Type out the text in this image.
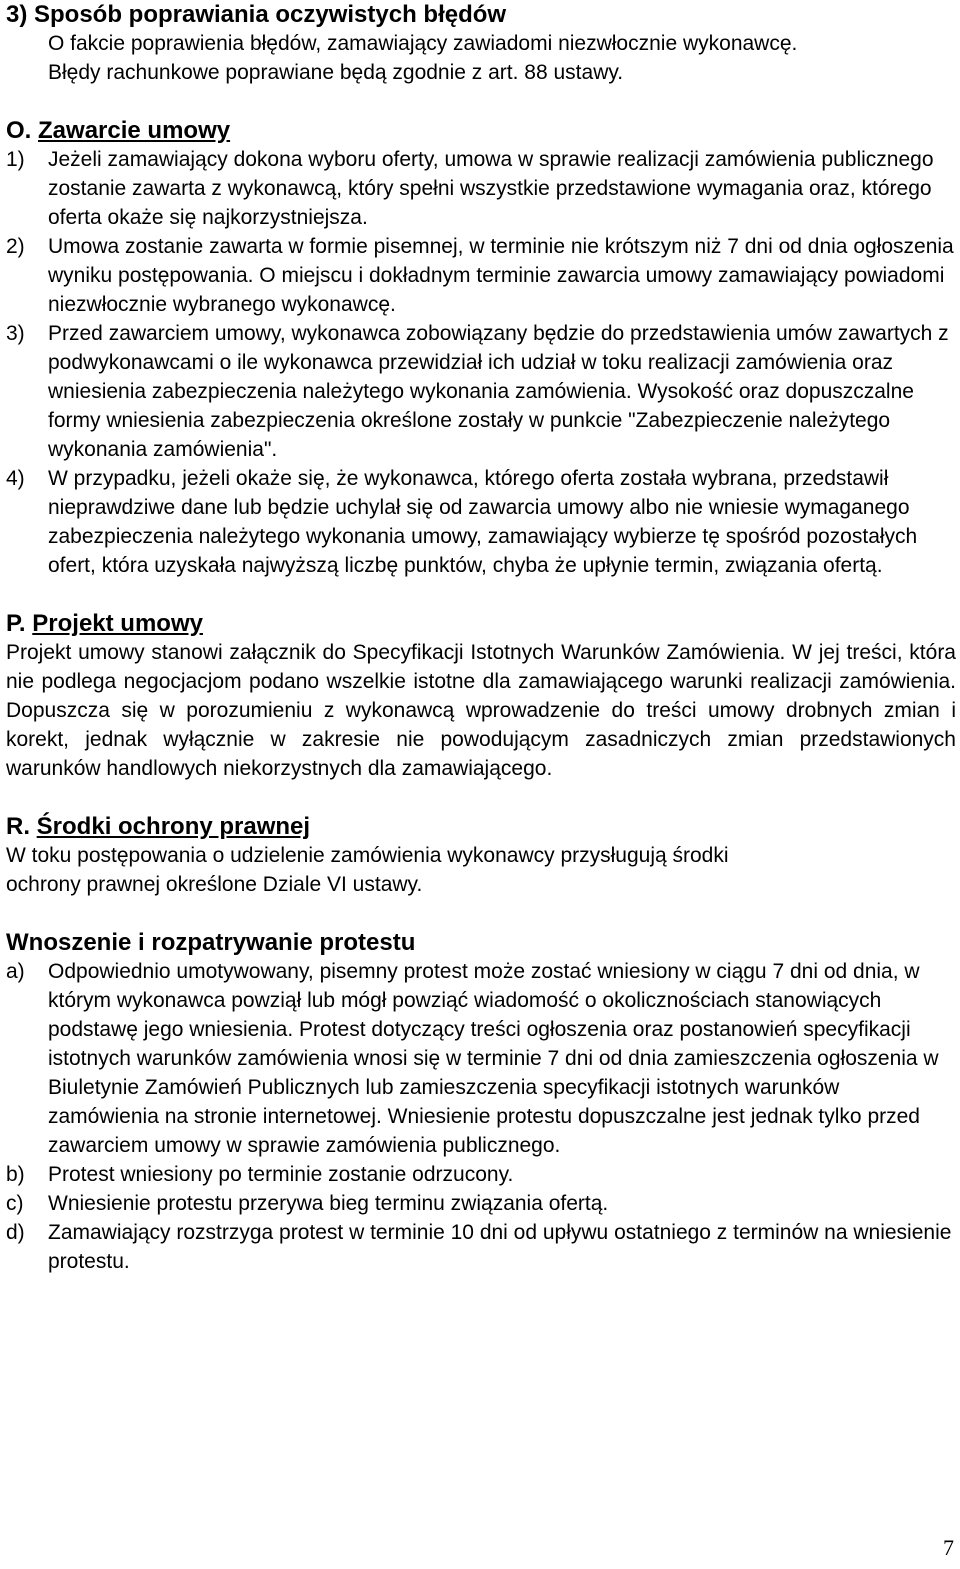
3) Sposób poprawiania oczywistych błędów

O fakcie poprawienia błędów, zamawiający zawiadomi niezwłocznie wykonawcę.

Błędy rachunkowe poprawiane będą zgodnie z art. 88 ustawy.

O. Zawarcie umowy

1) Jeżeli zamawiający dokona wyboru oferty, umowa w sprawie realizacji zamówienia publicznego zostanie zawarta z wykonawcą, który spełni wszystkie przedstawione wymagania oraz, którego oferta okaże się najkorzystniejsza.

2) Umowa zostanie zawarta w formie pisemnej, w terminie nie krótszym niż 7 dni od dnia ogłoszenia wyniku postępowania. O miejscu i dokładnym terminie zawarcia umowy zamawiający powiadomi niezwłocznie wybranego wykonawcę.

3) Przed zawarciem umowy, wykonawca zobowiązany będzie do przedstawienia umów zawartych z podwykonawcami o ile wykonawca przewidział ich udział w toku realizacji zamówienia oraz wniesienia zabezpieczenia należytego wykonania zamówienia. Wysokość oraz dopuszczalne formy wniesienia zabezpieczenia określone zostały w punkcie "Zabezpieczenie należytego wykonania zamówienia".

4) W przypadku, jeżeli okaże się, że wykonawca, którego oferta została wybrana, przedstawił nieprawdziwe dane lub będzie uchylał się od zawarcia umowy albo nie wniesie wymaganego zabezpieczenia należytego wykonania umowy, zamawiający wybierze tę spośród pozostałych ofert, która uzyskała najwyższą liczbę punktów, chyba że upłynie termin, związania ofertą.

P. Projekt umowy

Projekt umowy stanowi załącznik do Specyfikacji Istotnych Warunków Zamówienia. W jej treści, która nie podlega negocjacjom podano wszelkie istotne dla zamawiającego warunki realizacji zamówienia. Dopuszcza się w porozumieniu z wykonawcą wprowadzenie do treści umowy drobnych zmian i korekt, jednak wyłącznie w zakresie nie powodującym zasadniczych zmian przedstawionych warunków handlowych niekorzystnych dla zamawiającego.

R. Środki ochrony prawnej

W toku postępowania o udzielenie zamówienia wykonawcy przysługują środki

ochrony prawnej określone Dziale VI ustawy.

Wnoszenie i rozpatrywanie protestu

a) Odpowiednio umotywowany, pisemny protest może zostać wniesiony w ciągu 7 dni od dnia, w którym wykonawca powziął lub mógł powziąć wiadomość o okolicznościach stanowiących podstawę jego wniesienia. Protest dotyczący treści ogłoszenia oraz postanowień specyfikacji istotnych warunków zamówienia wnosi się w terminie 7 dni od dnia zamieszczenia ogłoszenia w Biuletynie Zamówień Publicznych lub zamieszczenia specyfikacji istotnych warunków zamówienia na stronie internetowej. Wniesienie protestu dopuszczalne jest jednak tylko przed zawarciem umowy w sprawie zamówienia publicznego.

b) Protest wniesiony po terminie zostanie odrzucony.

c) Wniesienie protestu przerywa bieg terminu związania ofertą.

d) Zamawiający rozstrzyga protest w terminie 10 dni od upływu ostatniego z terminów na wniesienie protestu.

7
